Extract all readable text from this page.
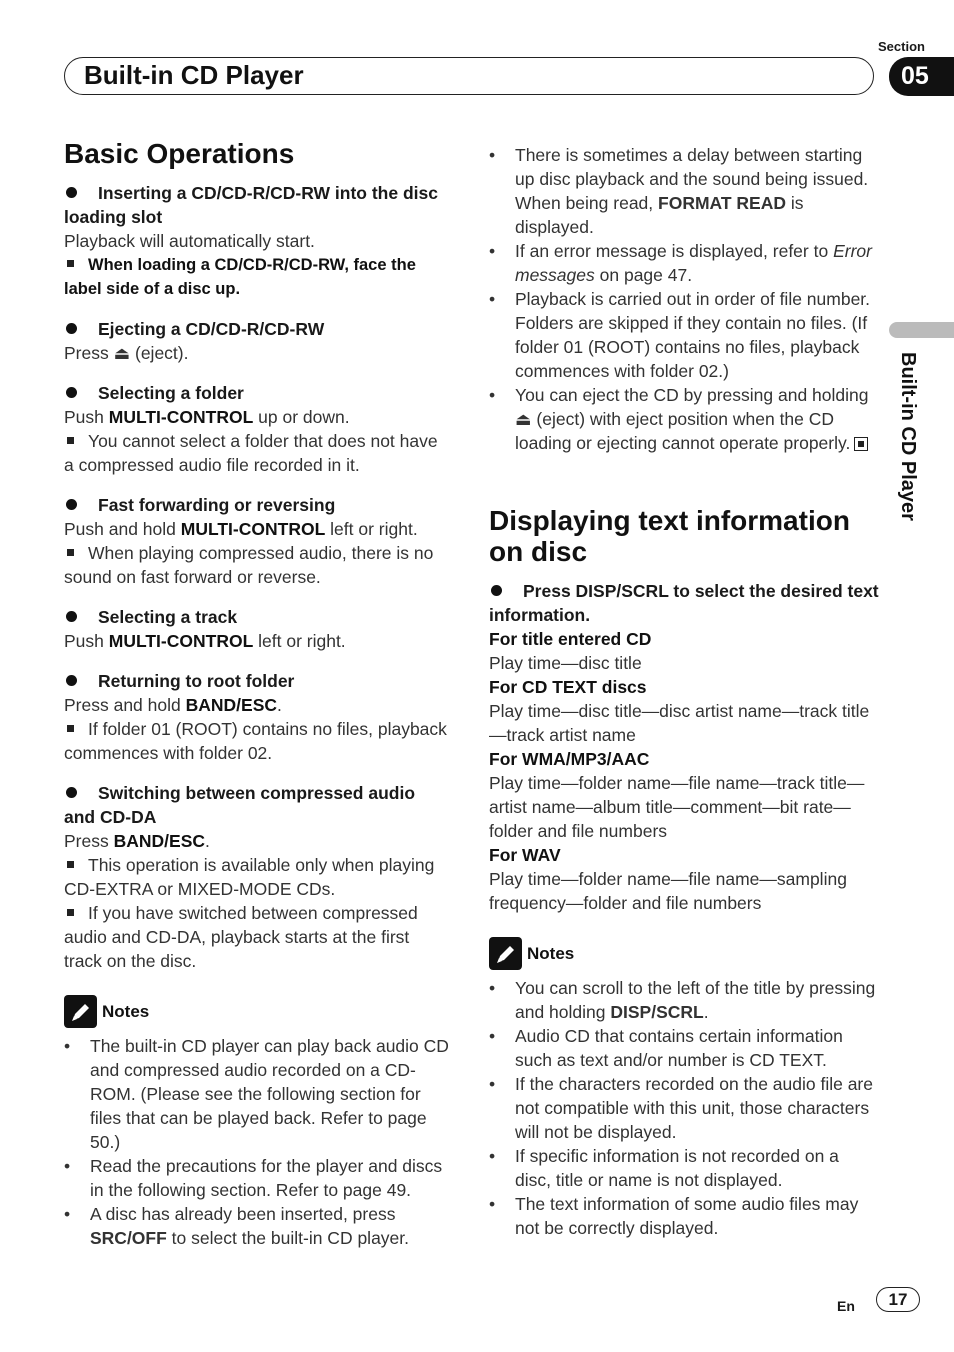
Section
Built-in CD Player	05
Built-in CD Player
Basic Operations

Inserting a CD/CD-R/CD-RW into the disc loading slot

Playback will automatically start.

When loading a CD/CD-R/CD-RW, face the label side of a disc up.

Ejecting a CD/CD-R/CD-RW

Press ⏏ (eject).

Selecting a folder

Push MULTI-CONTROL up or down.

You cannot select a folder that does not have a compressed audio file recorded in it.

Fast forwarding or reversing

Push and hold MULTI-CONTROL left or right.

When playing compressed audio, there is no sound on fast forward or reverse.

Selecting a track

Push MULTI-CONTROL left or right.

Returning to root folder

Press and hold BAND/ESC.

If folder 01 (ROOT) contains no files, playback commences with folder 02.

Switching between compressed audio and CD-DA

Press BAND/ESC.

This operation is available only when playing CD-EXTRA or MIXED-MODE CDs.

If you have switched between compressed audio and CD-DA, playback starts at the first track on the disc.

Notes
•	The built-in CD player can play back audio CD and compressed audio recorded on a CD-ROM. (Please see the following section for files that can be played back. Refer to page 50.)
•	Read the precautions for the player and discs in the following section. Refer to page 49.
•	A disc has already been inserted, press SRC/OFF to select the built-in CD player.
•	There is sometimes a delay between starting up disc playback and the sound being issued. When being read, FORMAT READ is displayed.
•	If an error message is displayed, refer to Error messages on page 47.
•	Playback is carried out in order of file number. Folders are skipped if they contain no files. (If folder 01 (ROOT) contains no files, playback commences with folder 02.)
•	You can eject the CD by pressing and holding ⏏ (eject) with eject position when the CD loading or ejecting cannot operate properly.
Displaying text information on disc

Press DISP/SCRL to select the desired text information.

For title entered CD

Play time—disc title

For CD TEXT discs

Play time—disc title—disc artist name—track title—track artist name

For WMA/MP3/AAC

Play time—folder name—file name—track title—artist name—album title—comment—bit rate—folder and file numbers

For WAV

Play time—folder name—file name—sampling frequency—folder and file numbers

Notes
•	You can scroll to the left of the title by pressing and holding DISP/SCRL.
•	Audio CD that contains certain information such as text and/or number is CD TEXT.
•	If the characters recorded on the audio file are not compatible with this unit, those characters will not be displayed.
•	If specific information is not recorded on a disc, title or name is not displayed.
•	The text information of some audio files may not be correctly displayed.
En	17
